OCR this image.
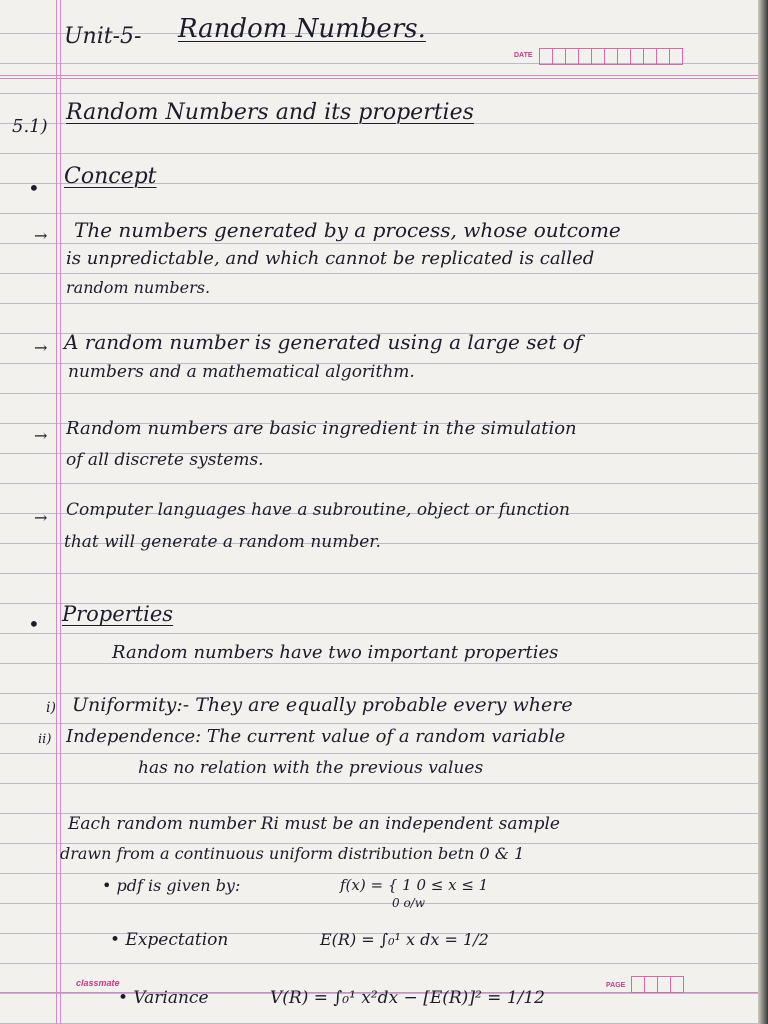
Unit-5- Random Numbers.
DATE
5.1)
Random Numbers and its properties
• Concept
→ The numbers generated by a process, whose outcome
is unpredictable, and which cannot be replicated is called
random numbers.
→ A random number is generated using a large set of
numbers and a mathematical algorithm.
→ Random numbers are basic ingredient in the simulation
of all discrete systems.
→ Computer languages have a subroutine, object or function
that will generate a random number.
• Properties
Random numbers have two important properties
i) Uniformity:- They are equally probable every where
ii) Independence: The current value of a random variable
has no relation with the previous values
Each random number Ri must be an independent sample
drawn from a continuous uniform distribution betn 0 & 1
• pdf is given by:	f(x) = { 1 0 ≤ x ≤ 1
0 o/w
• Expectation	E(R) = ∫₀¹ x dx = 1/2
• Variance	V(R) = ∫₀¹ x²dx − [E(R)]² = 1/12
classmate	PAGE
